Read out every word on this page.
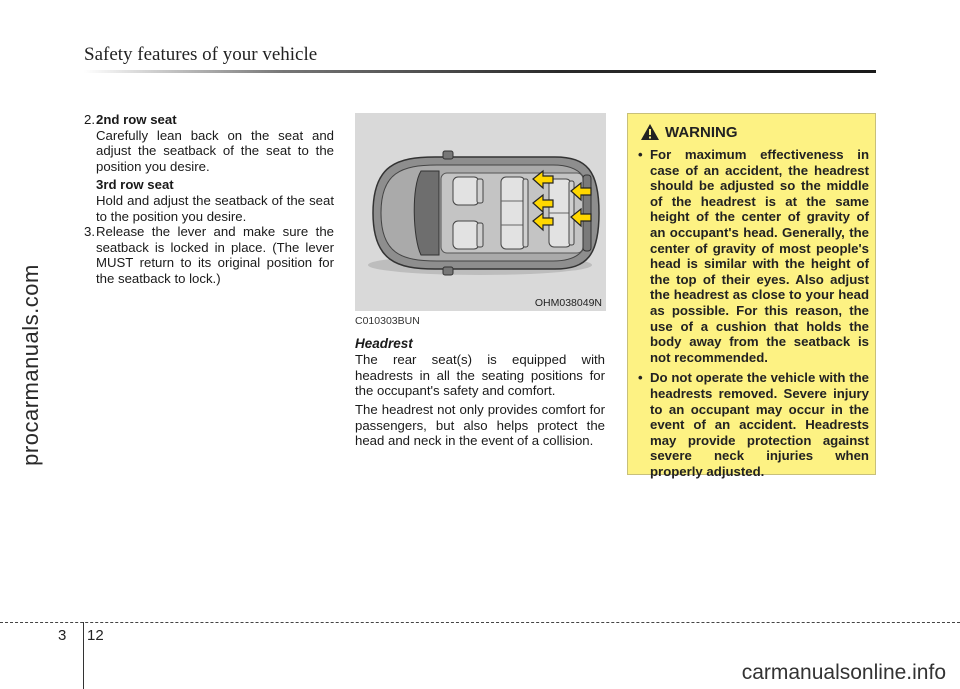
Safety features of your vehicle
procarmanuals.com

2. 2nd row seat

Carefully lean back on the seat and adjust the seatback of the seat to the position you desire.

3rd row seat

Hold and adjust the seatback of the seat to the position you desire.

3. Release the lever and make sure the seatback is locked in place. (The lever MUST return to its original position for the seatback to lock.)

OHM038049N

C010303BUN

Headrest

The rear seat(s) is equipped with headrests in all the seating positions for the occupant's safety and comfort.

The headrest not only provides comfort for passengers, but also helps protect the head and neck in the event of a collision.

WARNING
• For maximum effectiveness in case of an accident, the headrest should be adjusted so the middle of the headrest is at the same height of the center of gravity of an occupant's head. Generally, the center of gravity of most people's head is similar with the height of the top of their eyes. Also adjust the headrest as close to your head as possible. For this reason, the use of a cushion that holds the body away from the seatback is not recommended.
• Do not operate the vehicle with the headrests removed. Severe injury to an occupant may occur in the event of an accident. Headrests may provide protection against severe neck injuries when properly adjusted.
3 12
carmanualsonline.info
